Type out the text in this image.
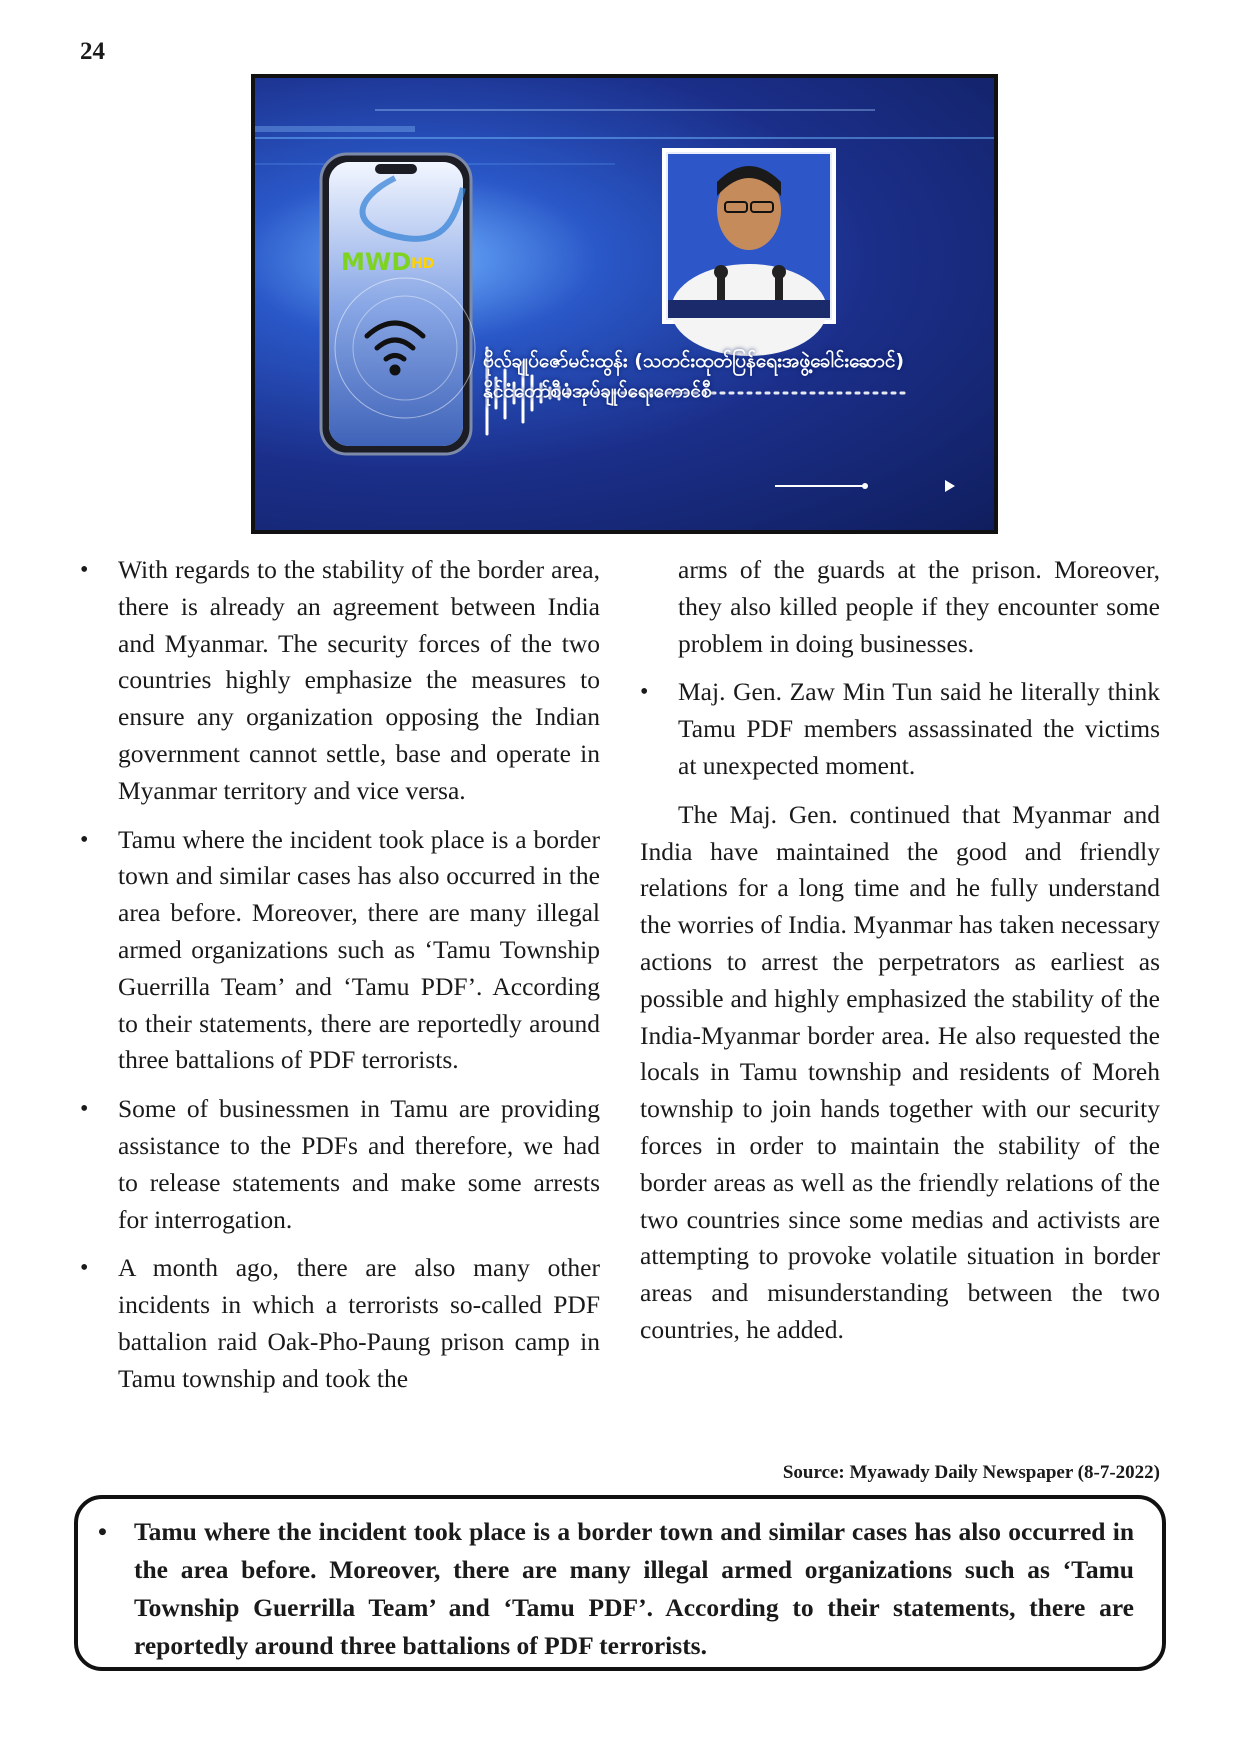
24
MWD HD
ဗိုလ်ချုပ်ဇော်မင်းထွန်း (သတင်းထုတ်ပြန်ရေးအဖွဲ့ခေါင်းဆောင်)
နိုင်ငံတော်စီမံအုပ်ချုပ်ရေးကောင်စီ
• With regards to the stability of the border area, there is already an agreement between India and Myanmar. The security forces of the two countries highly emphasize the measures to ensure any organization opposing the Indian government cannot settle, base and operate in Myanmar territory and vice versa.
• Tamu where the incident took place is a border town and similar cases has also occurred in the area before. Moreover, there are many illegal armed organizations such as ‘Tamu Township Guerrilla Team’ and ‘Tamu PDF’. According to their statements, there are reportedly around three battalions of PDF terrorists.
• Some of businessmen in Tamu are providing assistance to the PDFs and therefore, we had to release statements and make some arrests for interrogation.
• A month ago, there are also many other incidents in which a terrorists so-called PDF battalion raid Oak-Pho-Paung prison camp in Tamu township and took the

arms of the guards at the prison. Moreover, they also killed people if they encounter some problem in doing businesses.

• Maj. Gen. Zaw Min Tun said he literally think Tamu PDF members assassinated the victims at unexpected moment.

The Maj. Gen. continued that Myanmar and India have maintained the good and friendly relations for a long time and he fully understand the worries of India. Myanmar has taken necessary actions to arrest the perpetrators as earliest as possible and highly emphasized the stability of the India-Myanmar border area. He also requested the locals in Tamu township and residents of Moreh township to join hands together with our security forces in order to maintain the stability of the border areas as well as the friendly relations of the two countries since some medias and activists are attempting to provoke volatile situation in border areas and misunderstanding between the two countries, he added.

Source: Myawady Daily Newspaper (8-7-2022)
• Tamu where the incident took place is a border town and similar cases has also occurred in the area before. Moreover, there are many illegal armed organizations such as ‘Tamu Township Guerrilla Team’ and ‘Tamu PDF’. According to their statements, there are reportedly around three battalions of PDF terrorists.
